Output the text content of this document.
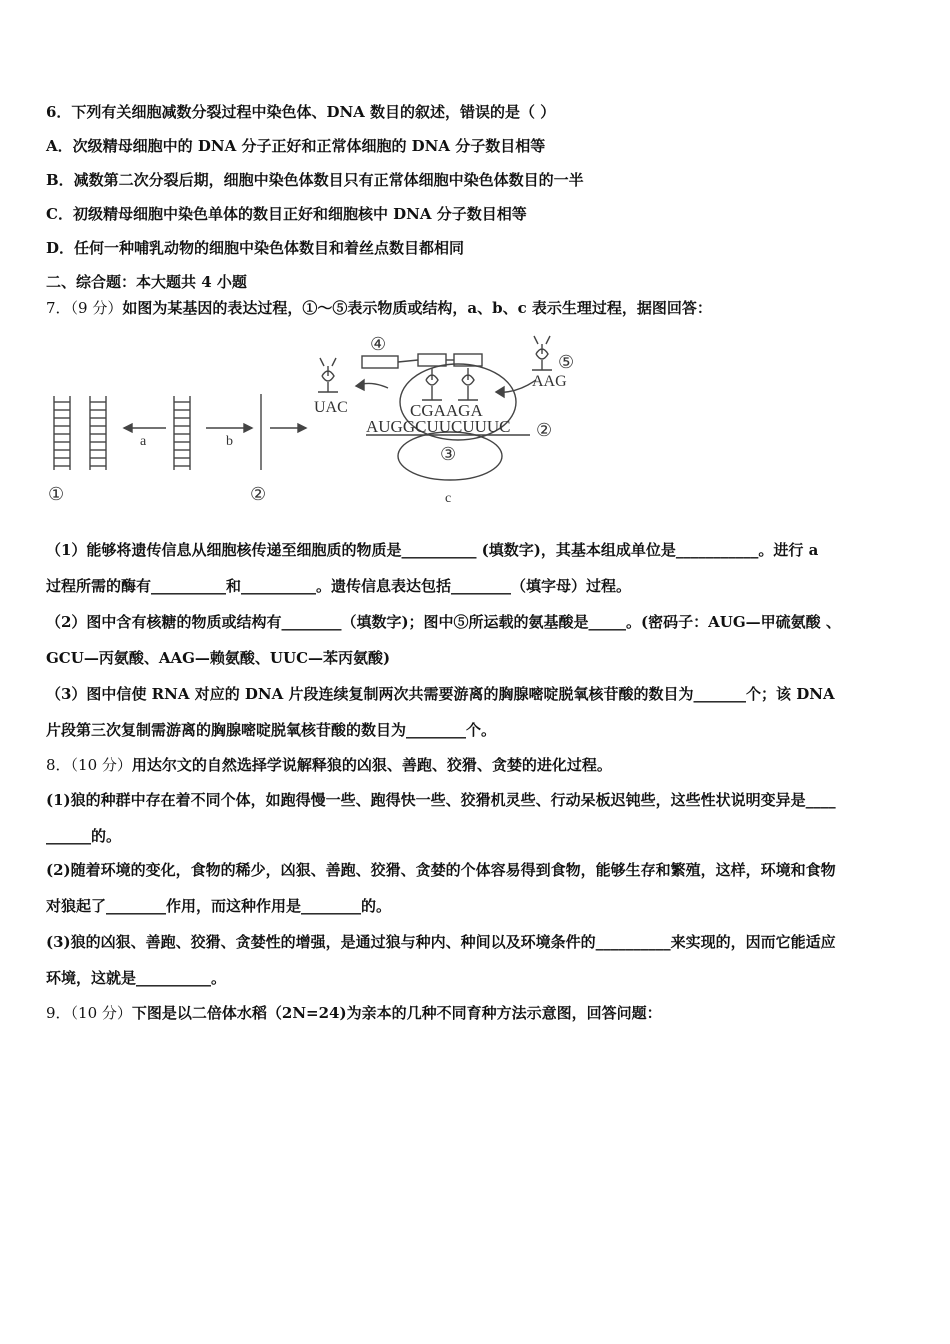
6．下列有关细胞减数分裂过程中染色体、DNA 数目的叙述，错误的是（ ）
A．次级精母细胞中的 DNA 分子正好和正常体细胞的 DNA 分子数目相等
B．减数第二次分裂后期，细胞中染色体数目只有正常体细胞中染色体数目的一半
C．初级精母细胞中染色单体的数目正好和细胞核中 DNA 分子数目相等
D．任何一种哺乳动物的细胞中染色体数目和着丝点数目都相同
二、综合题：本大题共 4 小题
7．（9 分）如图为某基因的表达过程，①～⑤表示物质或结构，a、b、c 表示生理过程，据图回答：
①
a	b
②
④
⑤
AAG
UAC	CGAAGA
AUGGCUUCUUUC ②
③
c
（1）能够将遗传信息从细胞核传递至细胞质的物质是__________ (填数字)，其基本组成单位是___________。进行 a
过程所需的酶有__________和__________。遗传信息表达包括________（填字母）过程。
（2）图中含有核糖的物质或结构有________（填数字)；图中⑤所运载的氨基酸是_____。(密码子：AUG—甲硫氨酸 、
GCU—丙氨酸、AAG—赖氨酸、UUC—苯丙氨酸)
（3）图中信使 RNA 对应的 DNA 片段连续复制两次共需要游离的胸腺嘧啶脱氧核苷酸的数目为_______个；该 DNA
片段第三次复制需游离的胸腺嘧啶脱氧核苷酸的数目为________个。
8．（10 分）用达尔文的自然选择学说解释狼的凶狠、善跑、狡猾、贪婪的进化过程。
(1)狼的种群中存在着不同个体，如跑得慢一些、跑得快一些、狡猾机灵些、行动呆板迟钝些，这些性状说明变异是____
______的。
(2)随着环境的变化，食物的稀少，凶狠、善跑、狡猾、贪婪的个体容易得到食物，能够生存和繁殖，这样，环境和食物
对狼起了________作用，而这种作用是________的。
(3)狼的凶狠、善跑、狡猾、贪婪性的增强，是通过狼与种内、种间以及环境条件的__________来实现的，因而它能适应
环境，这就是__________。
9．（10 分）下图是以二倍体水稻（2N=24)为亲本的几种不同育种方法示意图，回答问题：
